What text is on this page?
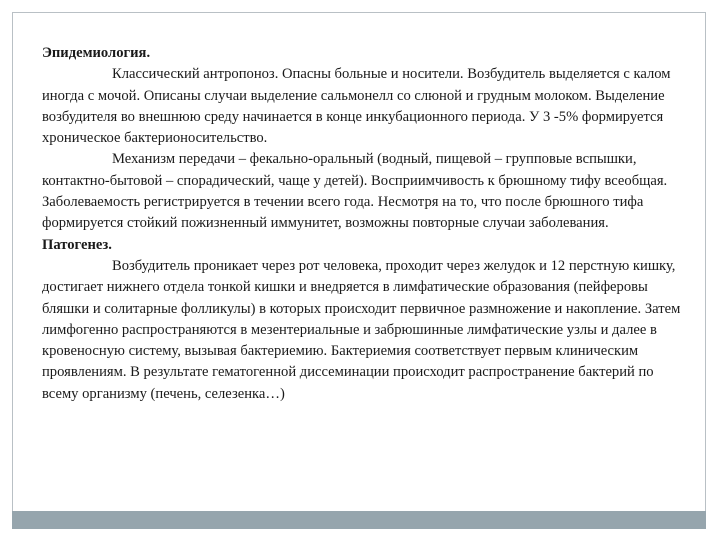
Эпидемиология.

Классический антропоноз. Опасны больные и носители. Возбудитель выделяется с калом иногда с мочой. Описаны случаи выделение сальмонелл со слюной и грудным молоком. Выделение возбудителя во внешнюю среду начинается в конце инкубационного периода. У 3 -5% формируется хроническое бактерионосительство.

Механизм передачи – фекально-оральный (водный, пищевой – групповые вспышки, контактно-бытовой – спорадический, чаще у детей). Восприимчивость к брюшному тифу всеобщая. Заболеваемость регистрируется в течении всего года. Несмотря на то, что после брюшного тифа формируется стойкий пожизненный иммунитет, возможны повторные случаи заболевания.

Патогенез.

Возбудитель проникает через рот человека, проходит через желудок и 12 перстную кишку, достигает нижнего отдела тонкой кишки и внедряется в лимфатические образования (пейферовы бляшки и солитарные фолликулы) в которых происходит первичное размножение и накопление. Затем лимфогенно распространяются в мезентериальные и забрюшинные лимфатические узлы и далее в кровеносную систему, вызывая бактериемию. Бактериемия соответствует первым клиническим проявлениям. В результате гематогенной диссеминации происходит распространение бактерий по всему организму (печень, селезенка…)
